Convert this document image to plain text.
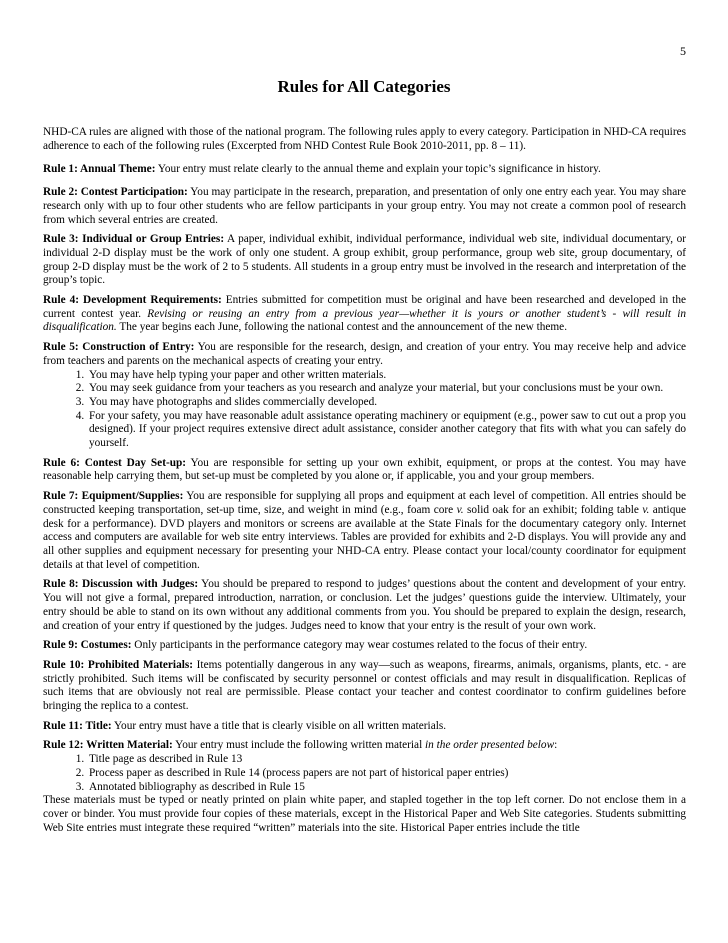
5
Rules for All Categories

NHD-CA rules are aligned with those of the national program. The following rules apply to every category. Participation in NHD-CA requires adherence to each of the following rules (Excerpted from NHD Contest Rule Book 2010-2011, pp. 8 – 11).

Rule 1: Annual Theme: Your entry must relate clearly to the annual theme and explain your topic’s significance in history.

Rule 2: Contest Participation: You may participate in the research, preparation, and presentation of only one entry each year. You may share research only with up to four other students who are fellow participants in your group entry. You may not create a common pool of research from which several entries are created.

Rule 3: Individual or Group Entries: A paper, individual exhibit, individual performance, individual web site, individual documentary, or individual 2-D display must be the work of only one student. A group exhibit, group performance, group web site, group documentary, of group 2-D display must be the work of 2 to 5 students. All students in a group entry must be involved in the research and interpretation of the group’s topic.

Rule 4: Development Requirements: Entries submitted for competition must be original and have been researched and developed in the current contest year. Revising or reusing an entry from a previous year—whether it is yours or another student’s - will result in disqualification. The year begins each June, following the national contest and the announcement of the new theme.

Rule 5: Construction of Entry: You are responsible for the research, design, and creation of your entry. You may receive help and advice from teachers and parents on the mechanical aspects of creating your entry.

1. You may have help typing your paper and other written materials.
2. You may seek guidance from your teachers as you research and analyze your material, but your conclusions must be your own.
3. You may have photographs and slides commercially developed.
4. For your safety, you may have reasonable adult assistance operating machinery or equipment (e.g., power saw to cut out a prop you designed). If your project requires extensive direct adult assistance, consider another category that fits with what you can safely do yourself.

Rule 6: Contest Day Set-up: You are responsible for setting up your own exhibit, equipment, or props at the contest. You may have reasonable help carrying them, but set-up must be completed by you alone or, if applicable, you and your group members.

Rule 7: Equipment/Supplies: You are responsible for supplying all props and equipment at each level of competition. All entries should be constructed keeping transportation, set-up time, size, and weight in mind (e.g., foam core v. solid oak for an exhibit; folding table v. antique desk for a performance). DVD players and monitors or screens are available at the State Finals for the documentary category only. Internet access and computers are available for web site entry interviews. Tables are provided for exhibits and 2-D displays. You will provide any and all other supplies and equipment necessary for presenting your NHD-CA entry. Please contact your local/county coordinator for equipment details at that level of competition.

Rule 8: Discussion with Judges: You should be prepared to respond to judges’ questions about the content and development of your entry. You will not give a formal, prepared introduction, narration, or conclusion. Let the judges’ questions guide the interview. Ultimately, your entry should be able to stand on its own without any additional comments from you. You should be prepared to explain the design, research, and creation of your entry if questioned by the judges. Judges need to know that your entry is the result of your own work.

Rule 9: Costumes: Only participants in the performance category may wear costumes related to the focus of their entry.

Rule 10: Prohibited Materials: Items potentially dangerous in any way—such as weapons, firearms, animals, organisms, plants, etc. - are strictly prohibited. Such items will be confiscated by security personnel or contest officials and may result in disqualification. Replicas of such items that are obviously not real are permissible. Please contact your teacher and contest coordinator to confirm guidelines before bringing the replica to a contest.

Rule 11: Title: Your entry must have a title that is clearly visible on all written materials.

Rule 12: Written Material: Your entry must include the following written material in the order presented below:

1. Title page as described in Rule 13
2. Process paper as described in Rule 14 (process papers are not part of historical paper entries)
3. Annotated bibliography as described in Rule 15

These materials must be typed or neatly printed on plain white paper, and stapled together in the top left corner. Do not enclose them in a cover or binder. You must provide four copies of these materials, except in the Historical Paper and Web Site categories. Students submitting Web Site entries must integrate these required “written” materials into the site. Historical Paper entries include the title
